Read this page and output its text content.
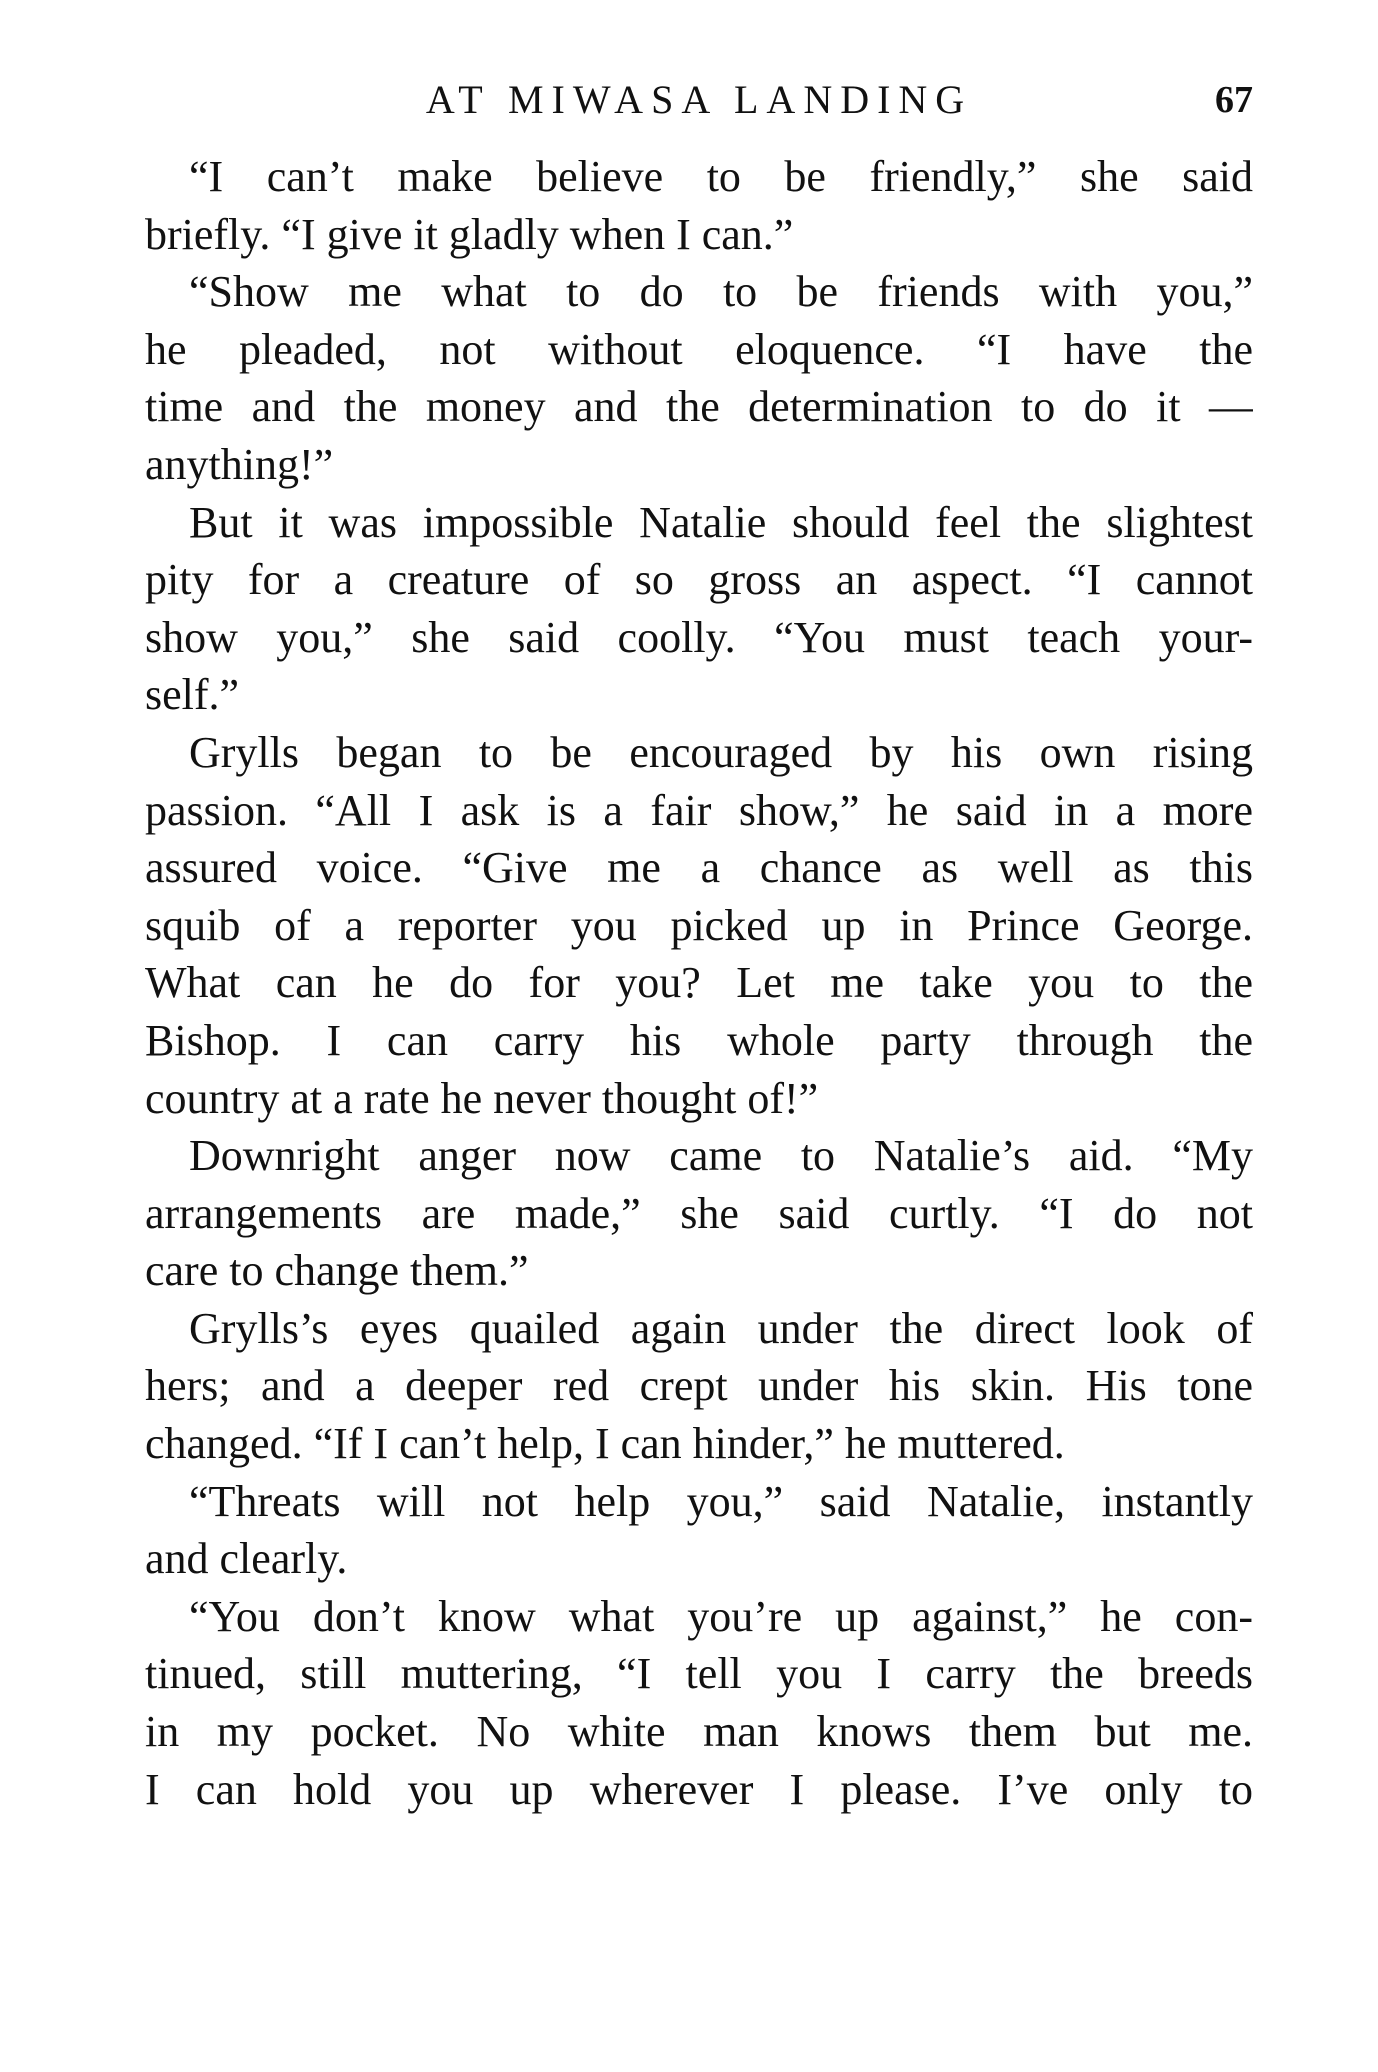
AT MIWASA LANDING	67
“I can’t make believe to be friendly,” she said
briefly. “I give it gladly when I can.”
“Show me what to do to be friends with you,”
he pleaded, not without eloquence. “I have the
time and the money and the determination to do it —
anything!”
But it was impossible Natalie should feel the slightest
pity for a creature of so gross an aspect. “I cannot
show you,” she said coolly. “You must teach your-
self.”
Grylls began to be encouraged by his own rising
passion. “All I ask is a fair show,” he said in a more
assured voice. “Give me a chance as well as this
squib of a reporter you picked up in Prince George.
What can he do for you? Let me take you to the
Bishop. I can carry his whole party through the
country at a rate he never thought of!”
Downright anger now came to Natalie’s aid. “My
arrangements are made,” she said curtly. “I do not
care to change them.”
Grylls’s eyes quailed again under the direct look of
hers; and a deeper red crept under his skin. His tone
changed. “If I can’t help, I can hinder,” he muttered.
“Threats will not help you,” said Natalie, instantly
and clearly.
“You don’t know what you’re up against,” he con-
tinued, still muttering, “I tell you I carry the breeds
in my pocket. No white man knows them but me.
I can hold you up wherever I please. I’ve only to
